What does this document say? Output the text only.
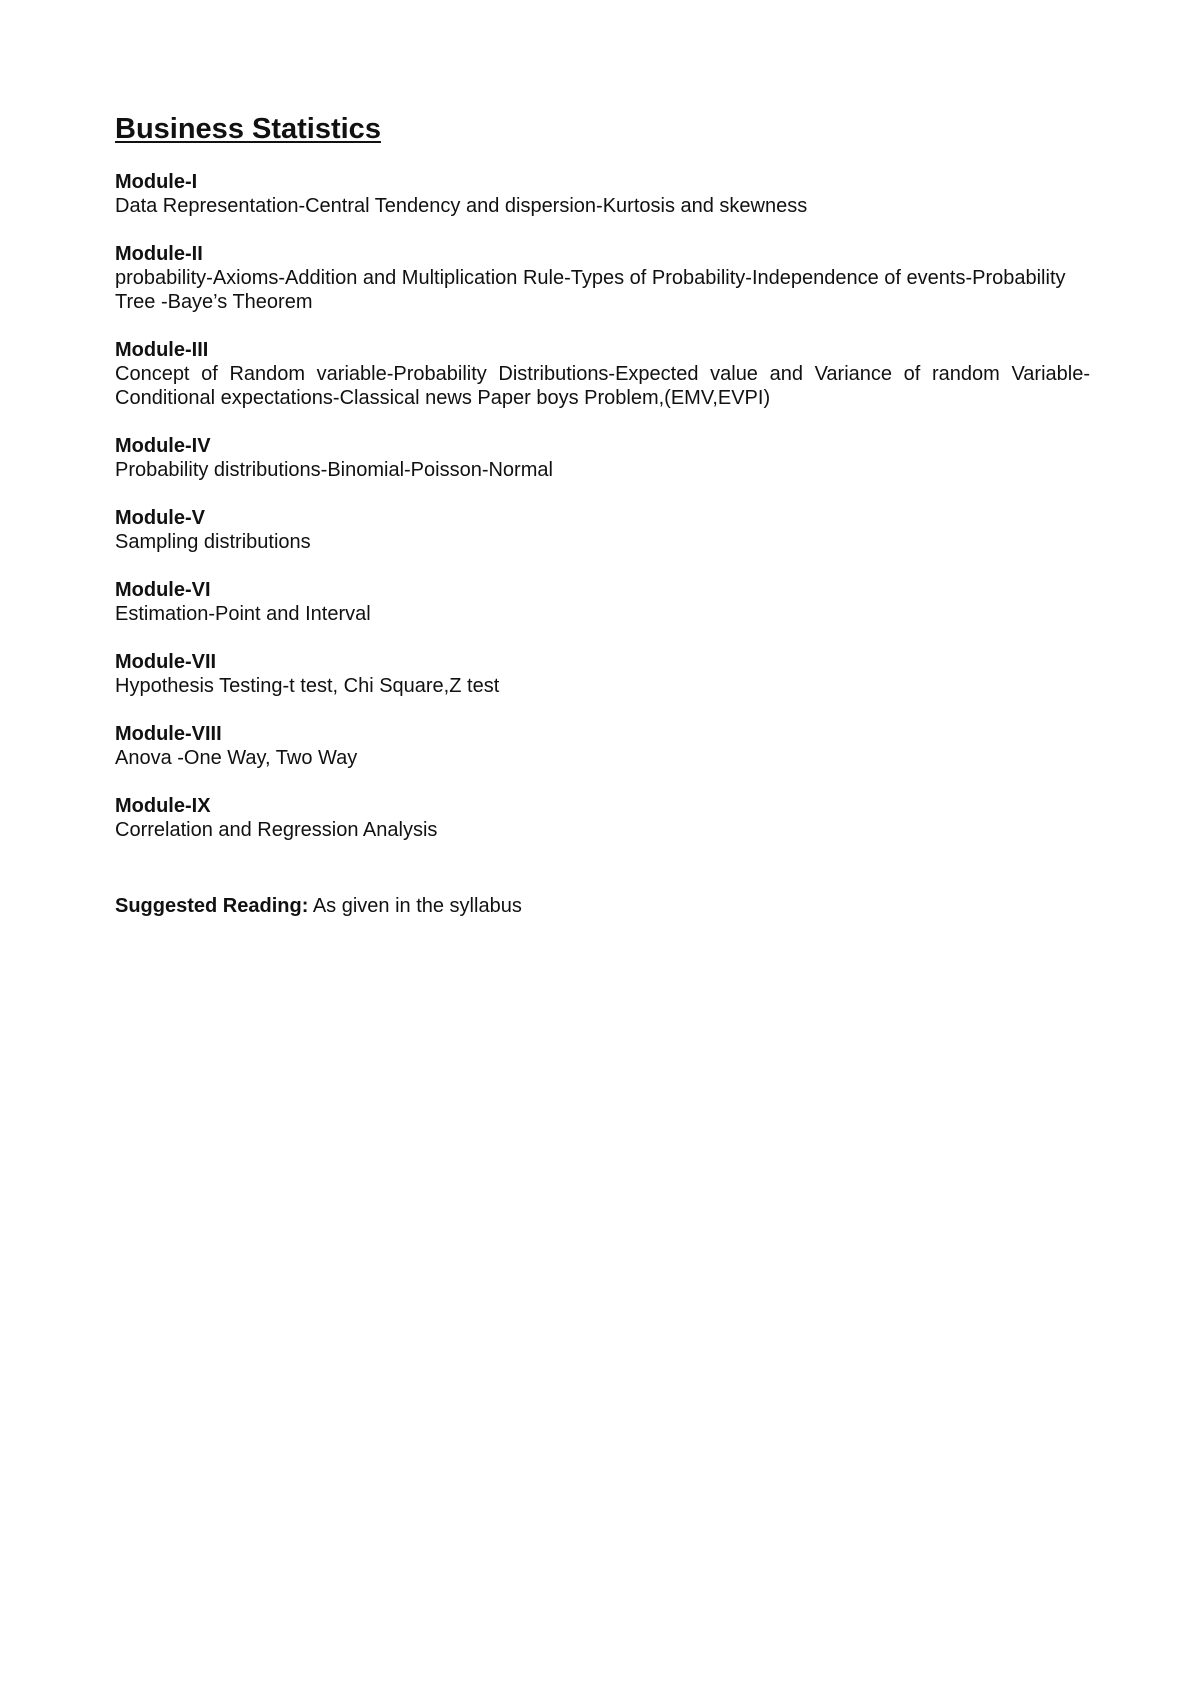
Business Statistics
Module-I
Data Representation-Central Tendency and dispersion-Kurtosis and skewness
Module-II
probability-Axioms-Addition and Multiplication Rule-Types of Probability-Independence of events-Probability Tree -Baye’s Theorem
Module-III
Concept of Random variable-Probability Distributions-Expected value and Variance of random Variable-Conditional expectations-Classical news Paper boys Problem,(EMV,EVPI)
Module-IV
Probability distributions-Binomial-Poisson-Normal
Module-V
Sampling distributions
Module-VI
Estimation-Point and Interval
Module-VII
Hypothesis Testing-t test, Chi Square,Z test
Module-VIII
Anova -One Way, Two Way
Module-IX
Correlation and Regression Analysis
Suggested Reading: As given in the syllabus
